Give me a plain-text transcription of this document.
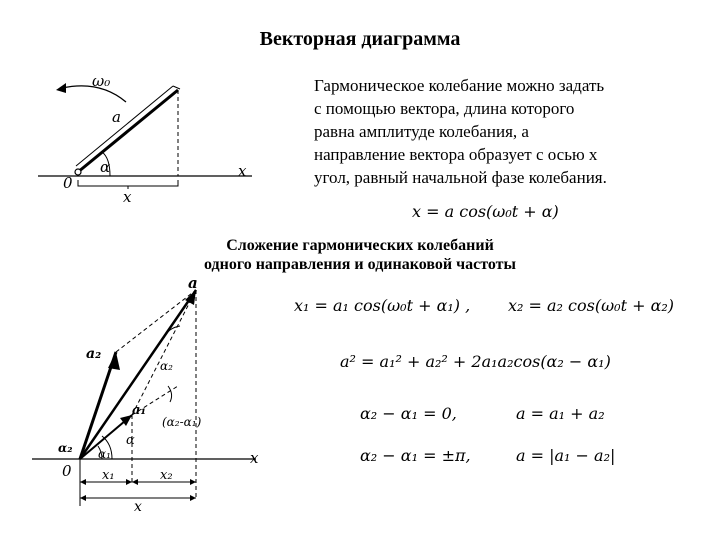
Векторная диаграмма
ω₀
a
α
0
x
x
Гармоническое колебание можно задать
с помощью вектора, длина которого
равна амплитуде колебания, а
направление вектора образует с осью x
угол, равный начальной фазе колебания.
x = a cos(ω₀t + α)
Сложение гармонических колебаний
одного направления и одинаковой частоты
a
a₂
a₁
α₂
(α₂-α₁)
α
α₂ α₁
0
x
x₁	x₂
x
x₁ = a₁ cos(ω₀t + α₁) , x₂ = a₂ cos(ω₀t + α₂)
a² = a₁² + a₂² + 2a₁a₂cos(α₂ − α₁)
α₂ − α₁ = 0,	a = a₁ + a₂
α₂ − α₁ = ±π,	a = |a₁ − a₂|
